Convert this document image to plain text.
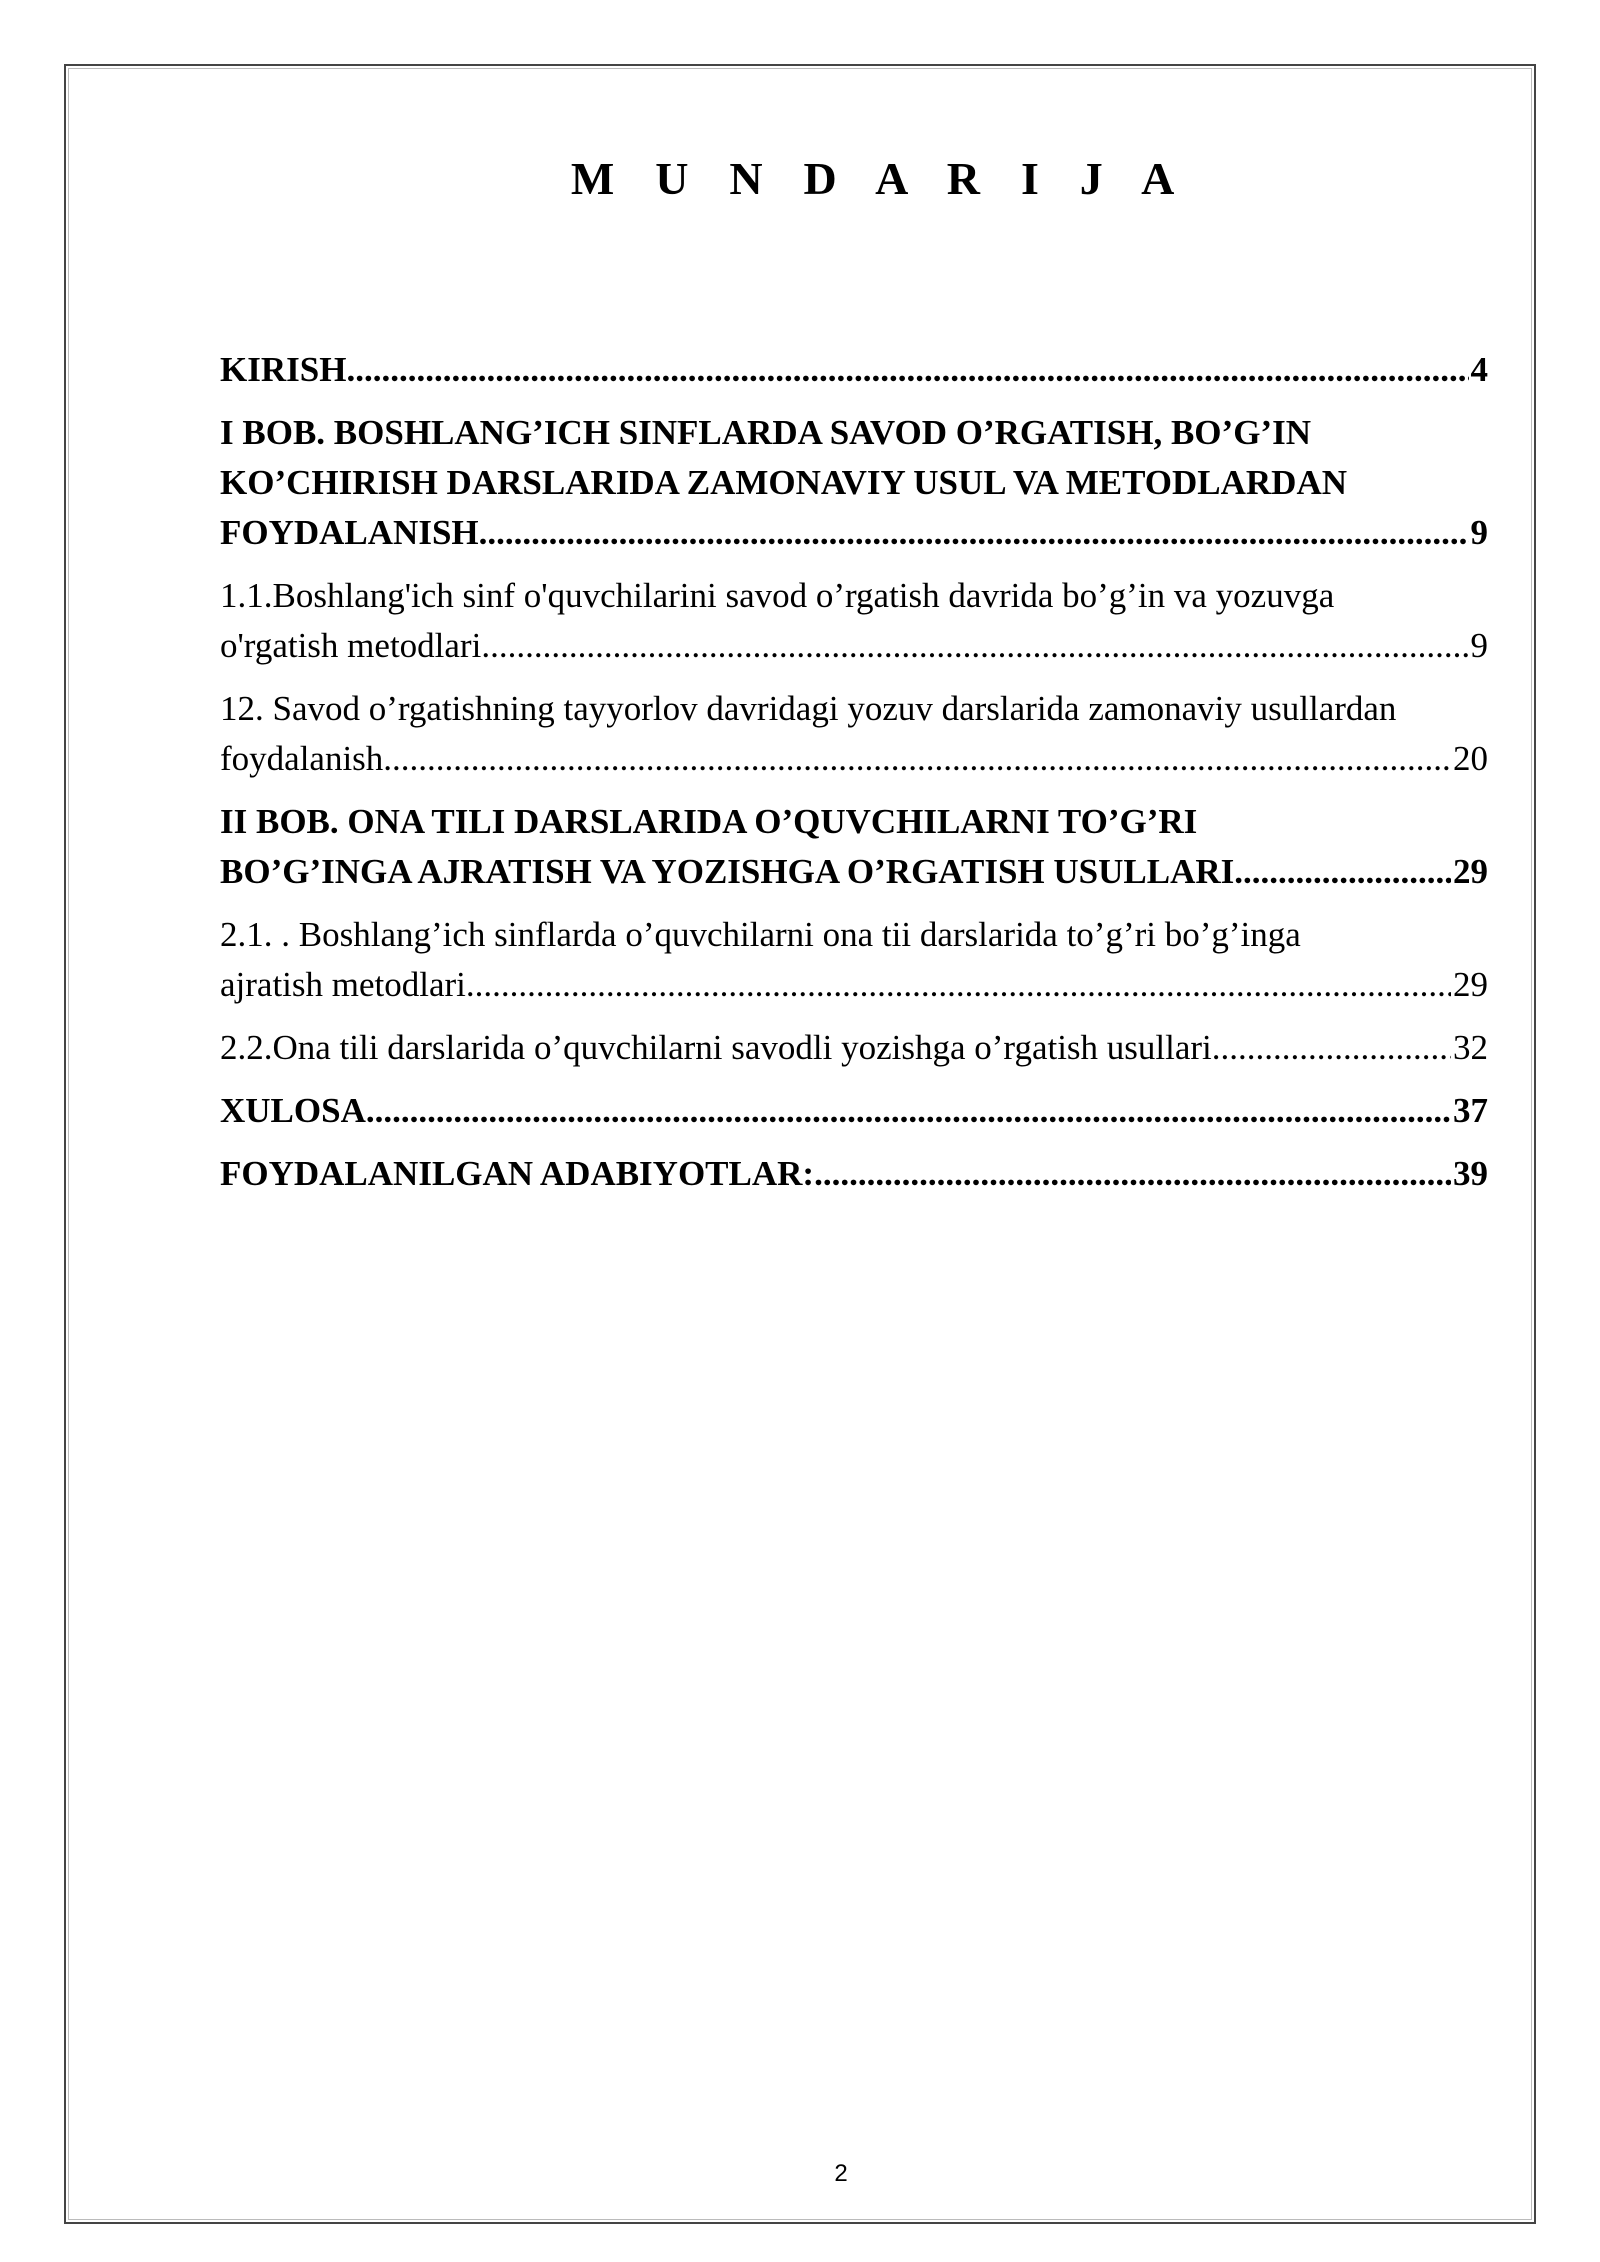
M U N D A R I J A
KIRISH .....	4
I BOB. BOSHLANG’ICH SINFLARDA SAVOD O’RGATISH, BO’G’IN KO’CHIRISH DARSLARIDA ZAMONAVIY USUL VA METODLARDAN
FOYDALANISH .....	9
1.1.Boshlang'ich sinf o'quvchilarini savod o’rgatish davrida bo’g’in va yozuvga
o'rgatish metodlari .....	9
12. Savod o’rgatishning tayyorlov davridagi yozuv darslarida zamonaviy usullardan
foydalanish .....	20
II BOB. ONA TILI DARSLARIDA O’QUVCHILARNI TO’G’RI
BO’G’INGA AJRATISH VA YOZISHGA O’RGATISH USULLARI .....	29
2.1. . Boshlang’ich sinflarda o’quvchilarni ona tii darslarida to’g’ri bo’g’inga
ajratish metodlari .....	29
2.2.Ona tili darslarida o’quvchilarni savodli yozishga o’rgatish usullari .....	32
XULOSA .....	37
FOYDALANILGAN ADABIYOTLAR: .....	39
2
